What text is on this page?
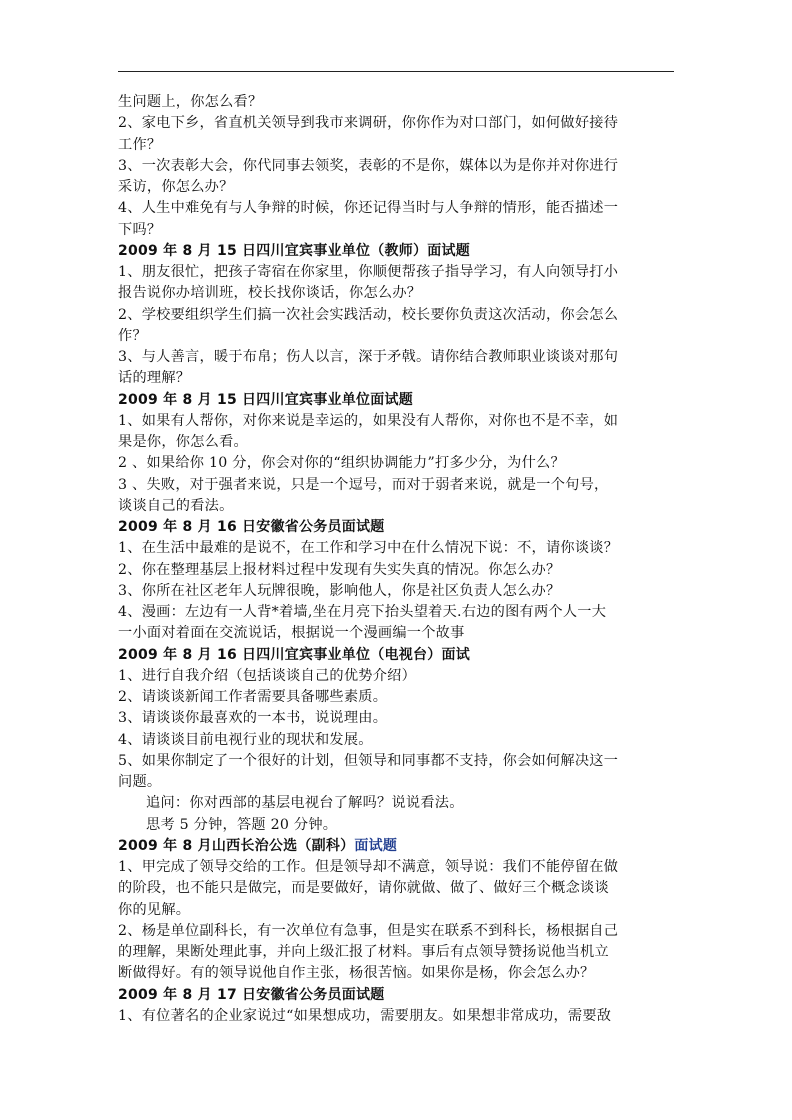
生问题上，你怎么看？
2、家电下乡，省直机关领导到我市来调研，你你作为对口部门，如何做好接待
工作？
3、一次表彰大会，你代同事去领奖，表彰的不是你，媒体以为是你并对你进行
采访，你怎么办？
4、人生中难免有与人争辩的时候，你还记得当时与人争辩的情形，能否描述一
下吗？
2009 年 8 月 15 日四川宜宾事业单位（教师）面试题
1、朋友很忙，把孩子寄宿在你家里，你顺便帮孩子指导学习，有人向领导打小
报告说你办培训班，校长找你谈话，你怎么办？
2、学校要组织学生们搞一次社会实践活动，校长要你负责这次活动，你会怎么
作？
3、与人善言，暖于布帛；伤人以言，深于矛戟。请你结合教师职业谈谈对那句
话的理解？
2009 年 8 月 15 日四川宜宾事业单位面试题
1、如果有人帮你，对你来说是幸运的，如果没有人帮你，对你也不是不幸，如
果是你，你怎么看。
2 、如果给你 10 分，你会对你的“组织协调能力”打多少分，为什么？
3 、失败，对于强者来说，只是一个逗号，而对于弱者来说，就是一个句号，
谈谈自己的看法。
2009 年 8 月 16 日安徽省公务员面试题
1、在生活中最难的是说不，在工作和学习中在什么情况下说：不，请你谈谈？
2、你在整理基层上报材料过程中发现有失实失真的情况。你怎么办？
3、你所在社区老年人玩牌很晚，影响他人，你是社区负责人怎么办？
4、漫画：左边有一人背*着墙,坐在月亮下抬头望着天.右边的图有两个人一大
一小面对着面在交流说话，根据说一个漫画编一个故事
2009 年 8 月 16 日四川宜宾事业单位（电视台）面试
1、进行自我介绍（包括谈谈自己的优势介绍）
2、请谈谈新闻工作者需要具备哪些素质。
3、请谈谈你最喜欢的一本书，说说理由。
4、请谈谈目前电视行业的现状和发展。
5、如果你制定了一个很好的计划，但领导和同事都不支持，你会如何解决这一
问题。
追问：你对西部的基层电视台了解吗？说说看法。
思考 5 分钟，答题 20 分钟。
2009 年 8 月山西长治公选（副科）面试题
1、甲完成了领导交给的工作。但是领导却不满意，领导说：我们不能停留在做
的阶段，也不能只是做完，而是要做好，请你就做、做了、做好三个概念谈谈
你的见解。
2、杨是单位副科长，有一次单位有急事，但是实在联系不到科长，杨根据自己
的理解，果断处理此事，并向上级汇报了材料。事后有点领导赞扬说他当机立
断做得好。有的领导说他自作主张，杨很苦恼。如果你是杨，你会怎么办？
2009 年 8 月 17 日安徽省公务员面试题
1、有位著名的企业家说过“如果想成功，需要朋友。如果想非常成功，需要敌
